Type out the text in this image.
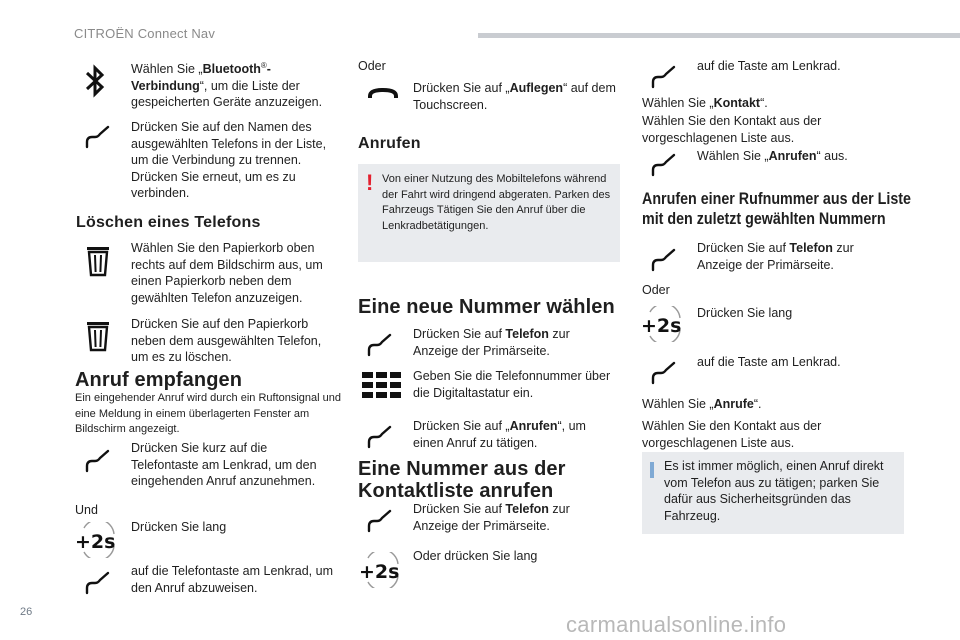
CITROËN Connect Nav
Wählen Sie „Bluetooth®-Verbindung“, um die Liste der gespeicherten Geräte anzuzeigen.
Drücken Sie auf den Namen des ausgewählten Telefons in der Liste, um die Verbindung zu trennen. Drücken Sie erneut, um es zu verbinden.
Löschen eines Telefons
Wählen Sie den Papierkorb oben rechts auf dem Bildschirm aus, um einen Papierkorb neben dem gewählten Telefon anzuzeigen.
Drücken Sie auf den Papierkorb neben dem ausgewählten Telefon, um es zu löschen.
Anruf empfangen
Ein eingehender Anruf wird durch ein Ruftonsignal und eine Meldung in einem überlagerten Fenster am Bildschirm angezeigt.
Drücken Sie kurz auf die Telefontaste am Lenkrad, um den eingehenden Anruf anzunehmen.
Und
+2s
Drücken Sie lang
auf die Telefontaste am Lenkrad, um den Anruf abzuweisen.
Oder
Drücken Sie auf „Auflegen“ auf dem Touchscreen.
Anrufen
! Von einer Nutzung des Mobiltelefons während der Fahrt wird dringend abgeraten. Parken des Fahrzeugs Tätigen Sie den Anruf über die Lenkradbetätigungen.
Eine neue Nummer wählen
Drücken Sie auf Telefon zur Anzeige der Primärseite.
Geben Sie die Telefonnummer über die Digitaltastatur ein.
Drücken Sie auf „Anrufen“, um einen Anruf zu tätigen.
Eine Nummer aus der Kontaktliste anrufen
Drücken Sie auf Telefon zur Anzeige der Primärseite.
+2s
Oder drücken Sie lang
auf die Taste am Lenkrad.
Wählen Sie „Kontakt“.
Wählen Sie den Kontakt aus der vorgeschlagenen Liste aus.
Wählen Sie „Anrufen“ aus.
Anrufen einer Rufnummer aus der Liste
mit den zuletzt gewählten Nummern
Drücken Sie auf Telefon zur Anzeige der Primärseite.
Oder
+2s
Drücken Sie lang
auf die Taste am Lenkrad.
Wählen Sie „Anrufe“.
Wählen Sie den Kontakt aus der vorgeschlagenen Liste aus.
Es ist immer möglich, einen Anruf direkt vom Telefon aus zu tätigen; parken Sie dafür aus Sicherheitsgründen das Fahrzeug.
26	carmanualsonline.info
